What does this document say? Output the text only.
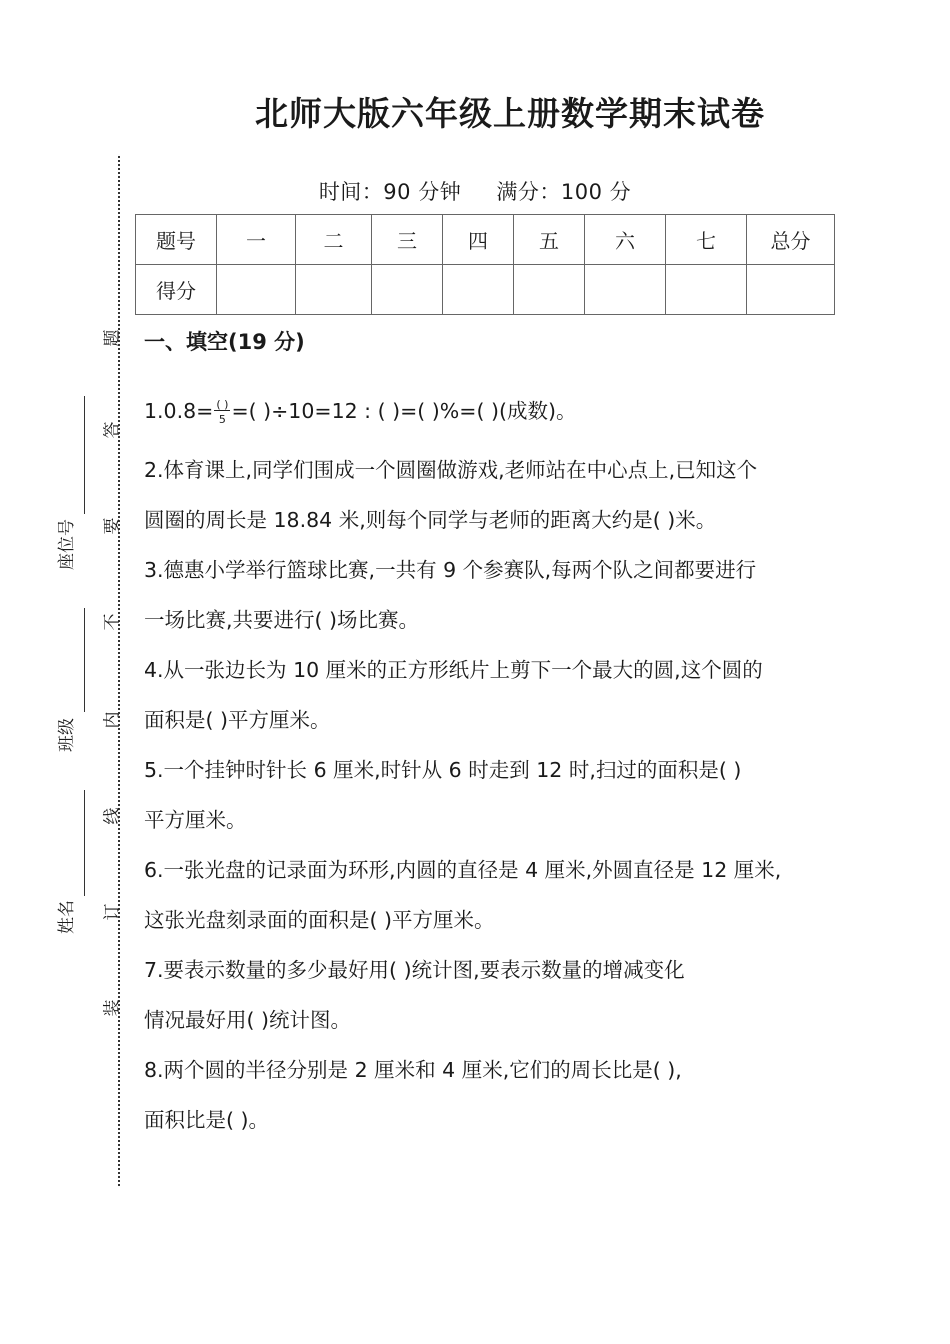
北师大版六年级上册数学期末试卷
题
答
要
不
内
线
订
装
座位号
班级
姓名
时间：90 分钟 满分：100 分
题号	一	二	三	四	五	六	七	总分
得分								
一、填空(19 分)
$1.0.8= \frac{( )}{5}$ =( )÷10=12 : ( )=( )%=( )(成数)。
2.体育课上,同学们围成一个圆圈做游戏,老师站在中心点上,已知这个
圆圈的周长是 18.84 米,则每个同学与老师的距离大约是( )米。
3.德惠小学举行篮球比赛,一共有 9 个参赛队,每两个队之间都要进行
一场比赛,共要进行( )场比赛。
4.从一张边长为 10 厘米的正方形纸片上剪下一个最大的圆,这个圆的
面积是( )平方厘米。
5.一个挂钟时针长 6 厘米,时针从 6 时走到 12 时,扫过的面积是( )
平方厘米。
6.一张光盘的记录面为环形,内圆的直径是 4 厘米,外圆直径是 12 厘米,
这张光盘刻录面的面积是( )平方厘米。
7.要表示数量的多少最好用( )统计图,要表示数量的增减变化
情况最好用( )统计图。
8.两个圆的半径分别是 2 厘米和 4 厘米,它们的周长比是( ),
面积比是( )。
